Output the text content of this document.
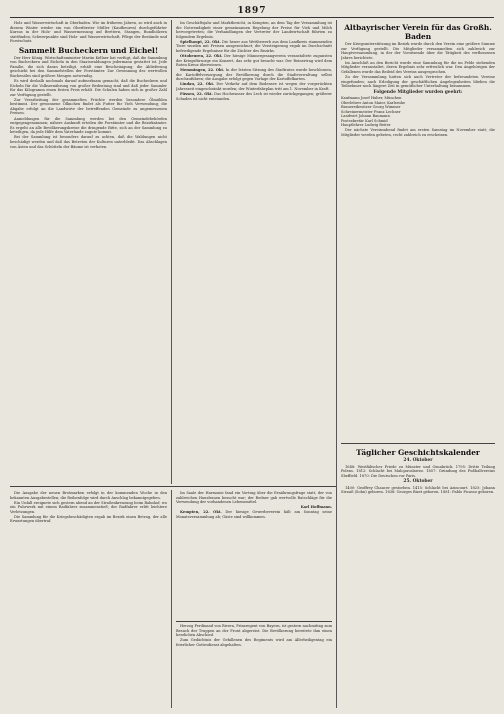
1897

Holz und Wasserwirtschaft in Oberbaden. Wie im früheren Jahren, so wird auch in diesem Winter wieder ein von Oberförster Müller (Kaufbeuren) durchgeführter Kursus in der Holz- und Wassermessung auf Brettern, Stangen, Rundhölzern stattfinden; Schwerpunkte sind Holz- und Wasserwirtschaft, Pflege der Bestände und Forstschutz.

Sammelt Bucheckern und Eichel!

Der Herr König. Wirtschaftsminister Martin Kellner hat verfügt, daß die Sammlung von Bucheckern und Eicheln in den Staatswaldungen jedermann gestattet ist. Jede Familie, die sich daran beteiligt, erhält eine Bescheinigung; die Ablieferung geschieht bei den Sammelstellen der Forstämter. Zur Gewinnung des wertvollen Buchenöles sind größere Mengen notwendig.

Es wird deshalb nochmals darauf aufmerksam gemacht, daß die Bucheckern und Eicheln für die Volksernährung von großer Bedeutung sind und daß jeder Sammler für das Kilogramm einen festen Preis erhält. Die Schulen haben sich in großer Zahl zur Verfügung gestellt.

Zur Verarbeitung der gesammelten Früchte werden besondere Ölmühlen bestimmt. Der gewonnene Ölkuchen findet als Futter für Vieh Verwendung; die Abgabe erfolgt an die Landwirte der betreffenden Gemeinde zu angemessenen Preisen.

Anmeldungen für die Sammlung werden bei den Gemeindebehörden entgegengenommen; nähere Auskunft erteilen die Forstämter und die Bezirksämter. Es ergeht an alle Bevölkerungskreise die dringende Bitte, sich an der Sammlung zu beteiligen, da jede Hilfe dem Vaterlande zugute kommt.

Bei der Sammlung ist besonders darauf zu achten, daß die Waldungen nicht beschädigt werden und daß das Betreten der Kulturen unterbleibt. Das Abschlagen von Ästen und das Schütteln der Bäume ist verboten.

Im Geschäftsjahr und Marktbericht, in Kempten, an dem Tag der Versammlung ist die Notwendigkeit einer gemeinsamen Regelung der Preise für Vieh und Milch hervorgetreten; die Verhandlungen der Vertreter der Landwirtschaft führten zu folgendem Ergebnis.

Spielhaupt, 22. Okt. Die heuer aus Wettbewerb aus dem Landkreis stammenden Tiere wurden mit Preisen ausgezeichnet; die Versteigerung ergab im Durchschnitt befriedigende Ergebnisse für die Züchter des Bezirks.

Ottobeuren, 22. Okt. Der hiesige Männergesangverein veranstaltete zugunsten der Kriegsfürsorge ein Konzert, das sehr gut besucht war. Der Reinertrag wird dem Roten Kreuz überwiesen.

Memmingen, 22. Okt. In der letzten Sitzung des Stadtrates wurde beschlossen, die Kartoffelversorgung der Bevölkerung durch die Stadtverwaltung selbst durchzuführen; die Ausgabe erfolgt gegen Vorlage der Kartoffelkarten.

Lindau, 22. Okt. Der Verkehr auf dem Bodensee ist wegen der vorgerückten Jahreszeit eingeschränkt worden; der Winterfahrplan tritt am 1. November in Kraft.

Füssen, 22. Okt. Das Hochwasser des Lech ist wieder zurückgegangen; größerer Schaden ist nicht entstanden.

Altbayrischer Verein für das Großh. Baden

Der Kriegsunterstützung im Bezirk wurde durch den Verein eine größere Summe zur Verfügung gestellt. Die Mitglieder versammelten sich zahlreich zur Hauptversammlung, in der der Vorsitzende über die Tätigkeit des verflossenen Jahres berichtete.

Im Anschluß an den Bericht wurde eine Sammlung für die im Felde stehenden Mitglieder veranstaltet, deren Ergebnis sehr erfreulich war. Den Angehörigen der Gefallenen wurde das Beileid des Vereins ausgesprochen.

Zu der Versammlung hatten sich auch Vertreter der befreundeten Vereine eingefunden; nach Erledigung der geschäftlichen Angelegenheiten blieben die Teilnehmer noch längere Zeit in gemütlicher Unterhaltung beisammen.

Folgende Mitglieder wurden geehrt:
Kaufmann Josef Huber, München
Oberlehrer Anton Maier, Karlsruhe
Brauereibesitzer Georg Wimmer
Schreinermeister Franz Lechner
Landwirt Johann Baumann
Postsekretär Karl Schmid
Hauptlehrer Ludwig Reiter

Der nächste Vereinsabend findet am ersten Samstag im November statt; die Mitglieder werden gebeten, recht zahlreich zu erscheinen.

Täglicher Geschichtskalender
24. Oktober

1648: Westfälischer Friede zu Münster und Osnabrück. 1795: Dritte Teilung Polens. 1812: Schlacht bei Malojaroslawez. 1857: Gründung des Fußballvereins Sheffield. 1870: Die Deutschen vor Paris.

25. Oktober

1400: Geoffrey Chaucer gestorben. 1415: Schlacht bei Azincourt. 1825: Johann Strauß (Sohn) geboren. 1838: Georges Bizet geboren. 1881: Pablo Picasso geboren.

Die Ausgabe der neuen Brotmarken erfolgt in der kommenden Woche in den bekannten Ausgabestellen; die Reihenfolge wird durch Anschlag bekanntgegeben.

Ein Unfall ereignete sich gestern abend an der Straßenkreuzung beim Bahnhof, wo ein Fuhrwerk mit einem Radfahrer zusammenstieß; der Radfahrer erlitt leichtere Verletzungen.

Die Sammlung für die Kriegsbeschädigten ergab im Bezirk einen Betrag, der alle Erwartungen übertraf.

Im Saale der Harmonie fand ein Vortrag über die Ernährungsfrage statt, der von zahlreichen Hausfrauen besucht war; der Redner gab wertvolle Ratschläge für die Verwendung der vorhandenen Lebensmittel.

Karl Hoffmann.

Kempten, 22. Okt. Der hiesige Gewerbeverein hält am Sonntag seine Monatsversammlung ab; Gäste sind willkommen.

Herzog Ferdinand von Rivera, Prinzregent von Bayern, ist gestern nachmittag zum Besuch der Truppen an der Front abgereist. Die Bevölkerung bereitete ihm einen herzlichen Abschied.

Zum Gedächtnis der Gefallenen des Regiments wird am Allerheiligentag ein feierlicher Gottesdienst abgehalten.
